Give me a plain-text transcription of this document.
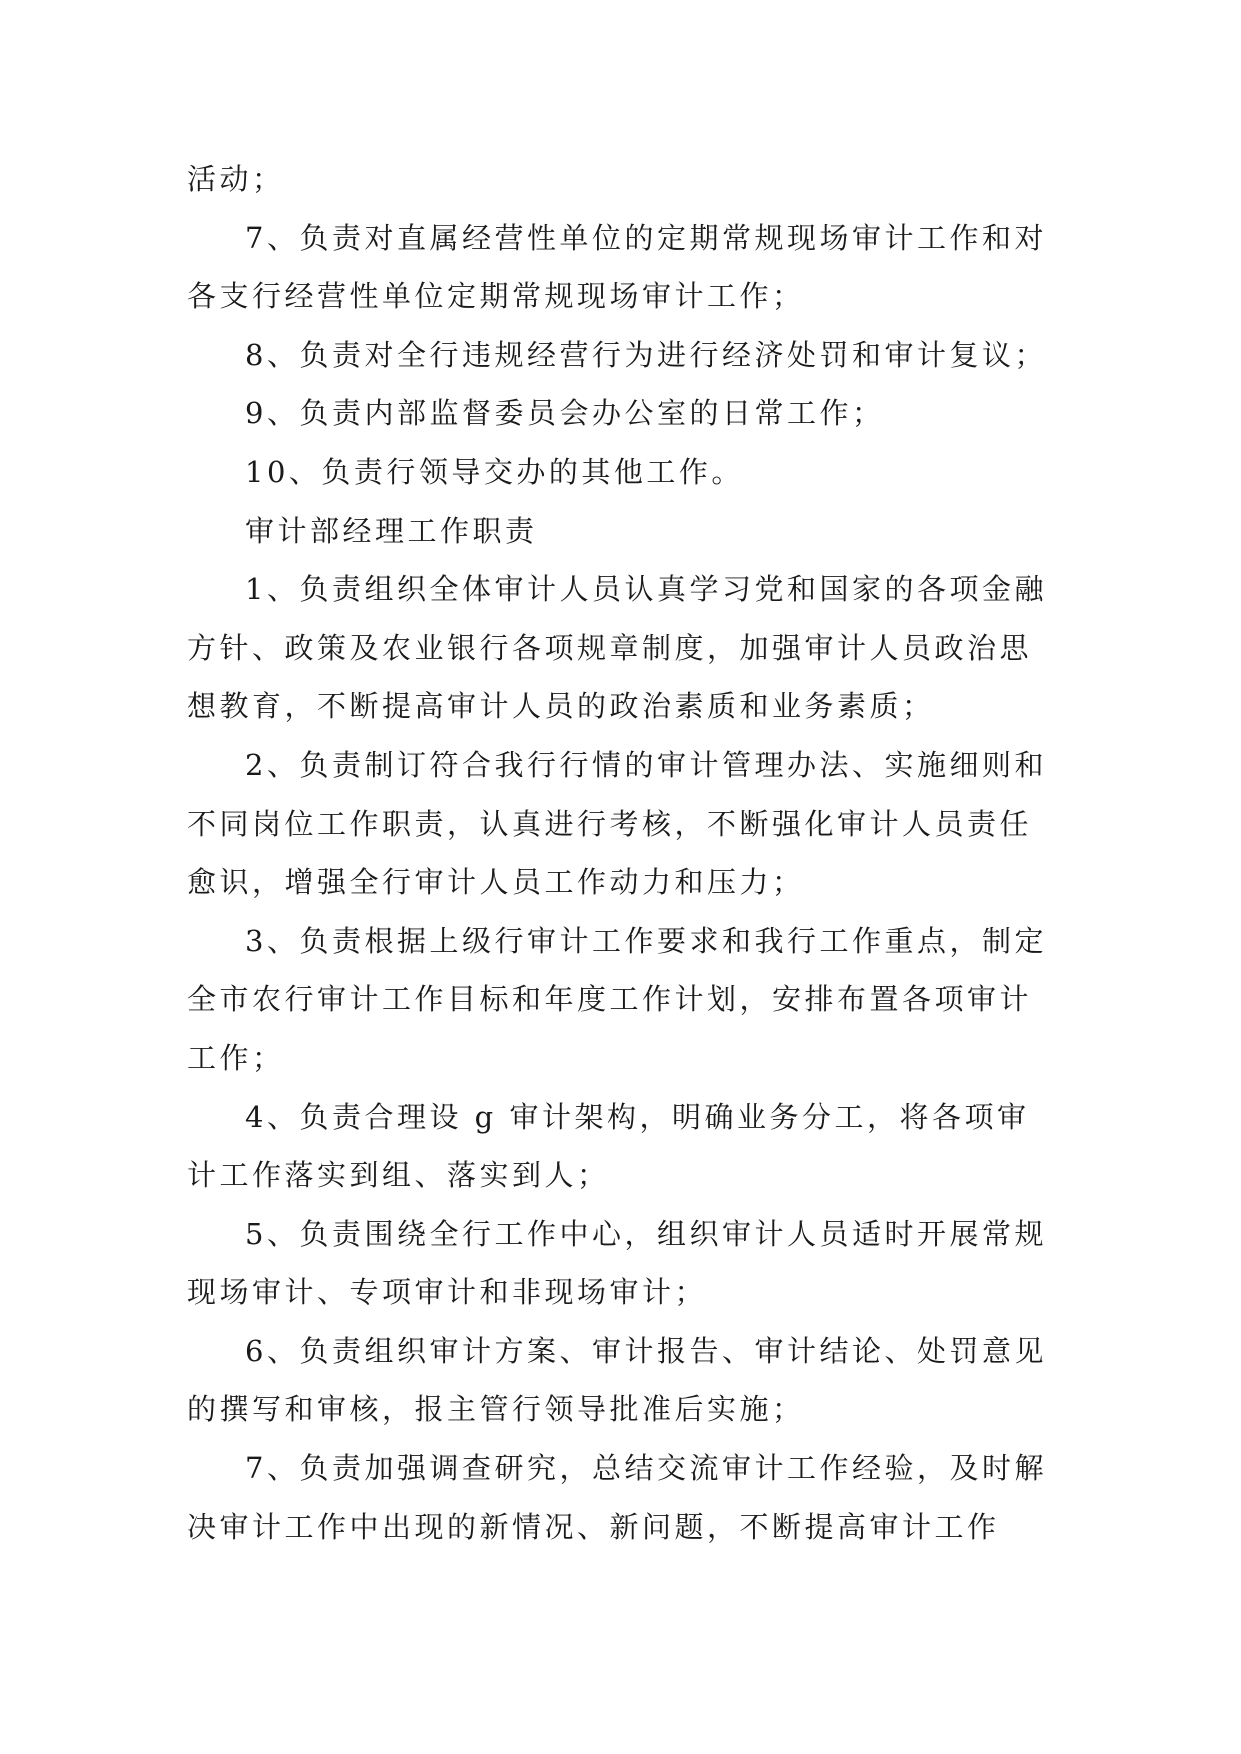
活动；

7、负责对直属经营性单位的定期常规现场审计工作和对各支行经营性单位定期常规现场审计工作；

8、负责对全行违规经营行为进行经济处罚和审计复议；

9、负责内部监督委员会办公室的日常工作；

10、负责行领导交办的其他工作。

审计部经理工作职责

1、负责组织全体审计人员认真学习党和国家的各项金融方针、政策及农业银行各项规章制度，加强审计人员政治思想教育，不断提高审计人员的政治素质和业务素质；

2、负责制订符合我行行情的审计管理办法、实施细则和不同岗位工作职责，认真进行考核，不断强化审计人员责任愈识，增强全行审计人员工作动力和压力；

3、负责根据上级行审计工作要求和我行工作重点，制定全市农行审计工作目标和年度工作计划，安排布置各项审计工作；

4、负责合理设 g 审计架构，明确业务分工，将各项审计工作落实到组、落实到人；

5、负责围绕全行工作中心，组织审计人员适时开展常规现场审计、专项审计和非现场审计；

6、负责组织审计方案、审计报告、审计结论、处罚意见的撰写和审核，报主管行领导批准后实施；

7、负责加强调查研究，总结交流审计工作经验，及时解决审计工作中出现的新情况、新问题，不断提高审计工作
